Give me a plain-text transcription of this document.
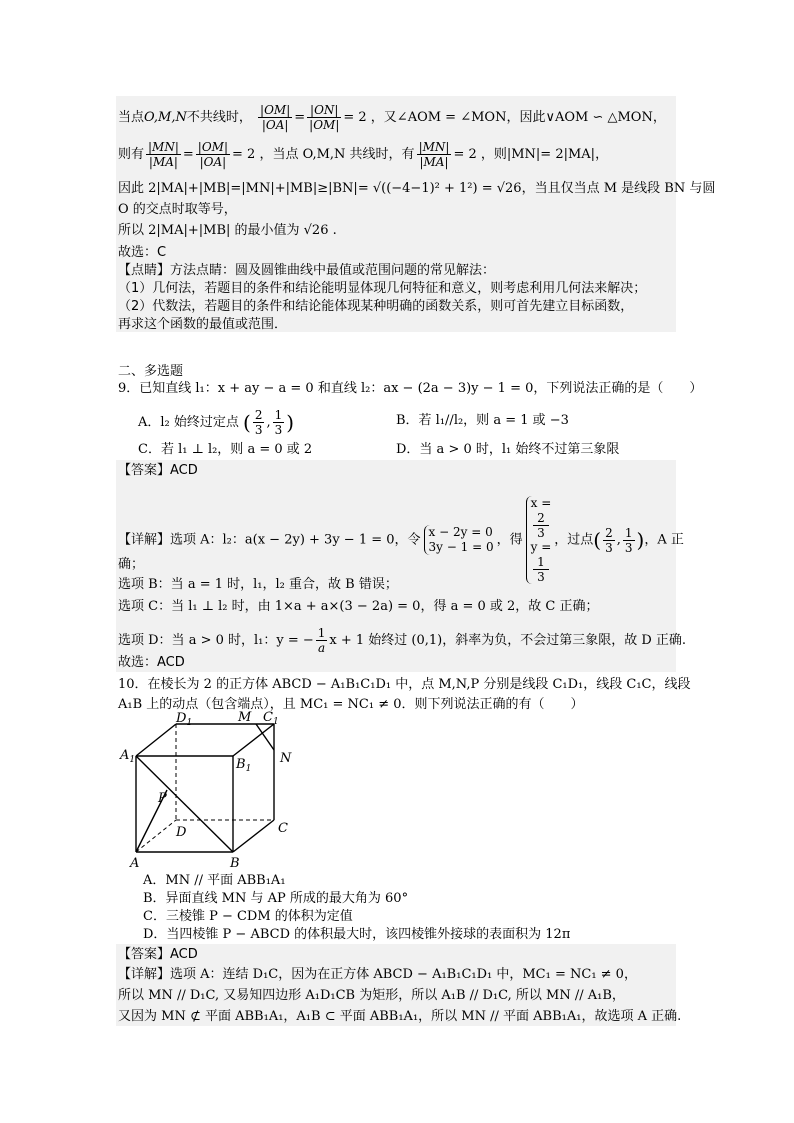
当点O,M,N不共线时， $\frac{|OM|}{|OA|} = \frac{|ON|}{|OM|} = 2$ ，又∠AOM = ∠MON，因此∨AOM ∽ △MON，
则有 $\frac{|MN|}{|MA|} = \frac{|OM|}{|OA|} = 2$ ，当点 O,M,N 共线时，有 $\frac{|MN|}{|MA|} = 2$ ，则|MN|= 2|MA|，
因此 2|MA|+|MB|=|MN|+|MB|≥|BN|= √((−4−1)² + 1²) = √26，当且仅当点 M 是线段 BN 与圆
O 的交点时取等号，
所以 2|MA|+|MB| 的最小值为 √26 .
故选：C
【点睛】方法点睛：圆及圆锥曲线中最值或范围问题的常见解法：
（1）几何法，若题目的条件和结论能明显体现几何特征和意义，则考虑利用几何法来解决；
（2）代数法，若题目的条件和结论能体现某种明确的函数关系，则可首先建立目标函数，
再求这个函数的最值或范围．
二、多选题
9．已知直线 l₁：x + ay − a = 0 和直线 l₂：ax − (2a − 3)y − 1 = 0，下列说法正确的是（　　）
A．l₂ 始终过定点 ( $\frac{2}{3}$ , $\frac{1}{3}$ )	B．若 l₁//l₂，则 a = 1 或 −3
C．若 l₁ ⊥ l₂，则 a = 0 或 2	D．当 a > 0 时，l₁ 始终不过第三象限
【答案】ACD
【详解】选项 A：l₂：a(x − 2y) + 3y − 1 = 0，令
x − 2y = 0
3y − 1 = 0 ，得
x =
2
3
y =
1
3
，过点( $\frac{2}{3}$ , $\frac{1}{3}$ )，A 正
确；
选项 B：当 a = 1 时，l₁，l₂ 重合，故 B 错误；
选项 C：当 l₁ ⊥ l₂ 时，由 1×a + a×(3 − 2a) = 0，得 a = 0 或 2，故 C 正确；
选项 D：当 a > 0 时，l₁：y = − $\frac{1}{a}$ x + 1 始终过 (0,1)，斜率为负，不会过第三象限，故 D 正确.
故选：ACD
10．在棱长为 2 的正方体 ABCD − A₁B₁C₁D₁ 中，点 M,N,P 分别是线段 C₁D₁，线段 C₁C，线段
A₁B 上的动点（包含端点），且 MC₁ = NC₁ ≠ 0．则下列说法正确的有（　　）
$D_1$	M $C_1$
$A_1$	$B_1$
N
P
D	C
A	B
A．MN // 平面 ABB₁A₁
B．异面直线 MN 与 AP 所成的最大角为 60°
C．三棱锥 P − CDM 的体积为定值
D．当四棱锥 P − ABCD 的体积最大时，该四棱锥外接球的表面积为 12π
【答案】ACD
【详解】选项 A：连结 D₁C，因为在正方体 ABCD − A₁B₁C₁D₁ 中，MC₁ = NC₁ ≠ 0，
所以 MN // D₁C, 又易知四边形 A₁D₁CB 为矩形，所以 A₁B // D₁C, 所以 MN // A₁B，
又因为 MN ⊄ 平面 ABB₁A₁，A₁B ⊂ 平面 ABB₁A₁，所以 MN // 平面 ABB₁A₁，故选项 A 正确.
